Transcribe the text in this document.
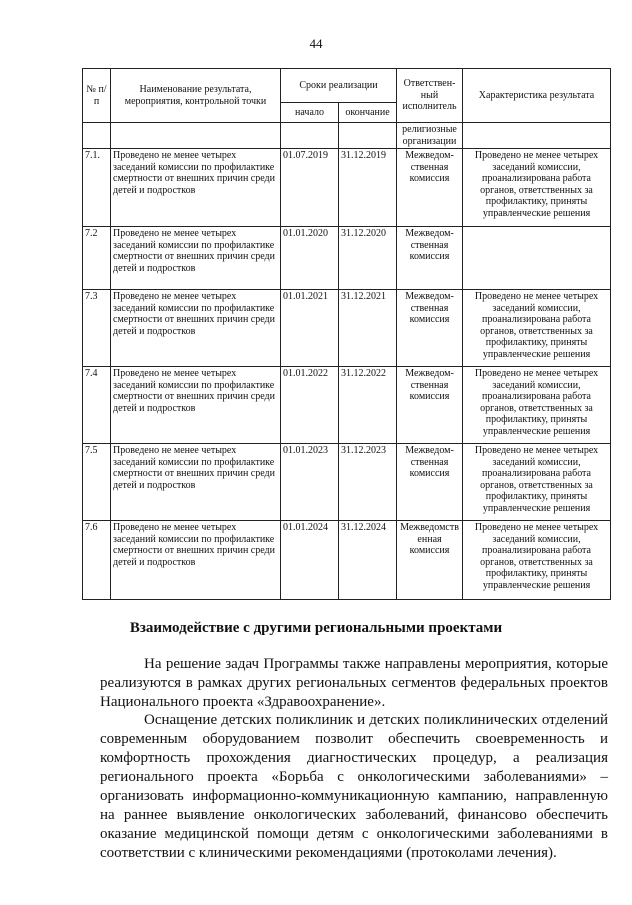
44
№ п/п	Наименование результата, мероприятия, контрольной точки	Сроки реализации		Ответствен-ный исполнитель	Характеристика результата
		начало	окончание		
				религиозные организации	
7.1.	Проведено не менее четырех заседаний комиссии по профилактике смертности от внешних причин среди детей и подростков	01.07.2019	31.12.2019	Межведом-ственная комиссия	Проведено не менее четырех заседаний комиссии, проанализирована работа органов, ответственных за профилактику, приняты управленческие решения
7.2	Проведено не менее четырех заседаний комиссии по профилактике смертности от внешних причин среди детей и подростков	01.01.2020	31.12.2020	Межведом-ственная комиссия	
7.3	Проведено не менее четырех заседаний комиссии по профилактике смертности от внешних причин среди детей и подростков	01.01.2021	31.12.2021	Межведом-ственная комиссия	Проведено не менее четырех заседаний комиссии, проанализирована работа органов, ответственных за профилактику, приняты управленческие решения
7.4	Проведено не менее четырех заседаний комиссии по профилактике смертности от внешних причин среди детей и подростков	01.01.2022	31.12.2022	Межведом-ственная комиссия	Проведено не менее четырех заседаний комиссии, проанализирована работа органов, ответственных за профилактику, приняты управленческие решения
7.5	Проведено не менее четырех заседаний комиссии по профилактике смертности от внешних причин среди детей и подростков	01.01.2023	31.12.2023	Межведом-ственная комиссия	Проведено не менее четырех заседаний комиссии, проанализирована работа органов, ответственных за профилактику, приняты управленческие решения
7.6	Проведено не менее четырех заседаний комиссии по профилактике смертности от внешних причин среди детей и подростков	01.01.2024	31.12.2024	Межведомств енная комиссия	Проведено не менее четырех заседаний комиссии, проанализирована работа органов, ответственных за профилактику, приняты управленческие решения
Взаимодействие с другими региональными проектами

На решение задач Программы также направлены мероприятия, которые реализуются в рамках других региональных сегментов федеральных проектов Национального проекта «Здравоохранение».

Оснащение детских поликлиник и детских поликлинических отделений современным оборудованием позволит обеспечить своевременность и комфортность прохождения диагностических процедур, а реализация регионального проекта «Борьба с онкологическими заболеваниями» – организовать информационно-коммуникационную кампанию, направленную на раннее выявление онкологических заболеваний, финансово обеспечить оказание медицинской помощи детям с онкологическими заболеваниями в соответствии с клиническими рекомендациями (протоколами лечения).
